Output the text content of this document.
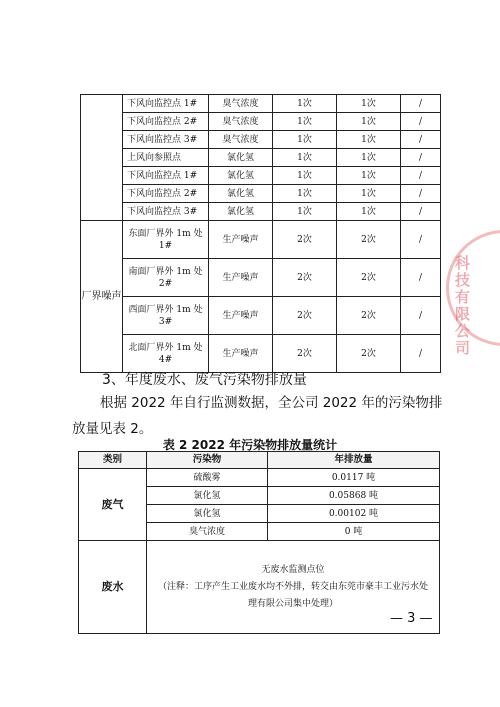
科技有限公司
	下风向监控点 1#	臭气浓度	1次	1次	/
	下风向监控点 2#	臭气浓度	1次	1次	/
	下风向监控点 3#	臭气浓度	1次	1次	/
	上风向参照点	氯化氢	1次	1次	/
	下风向监控点 1#	氯化氢	1次	1次	/
	下风向监控点 2#	氯化氢	1次	1次	/
	下风向监控点 3#	氯化氢	1次	1次	/
厂界噪声	东面厂界外 1m 处 1#	生产噪声	2次	2次	/
	南面厂界外 1m 处 2#	生产噪声	2次	2次	/
	西面厂界外 1m 处 3#	生产噪声	2次	2次	/
	北面厂界外 1m 处 4#	生产噪声	2次	2次	/
3、年度废水、废气污染物排放量
根据 2022 年自行监测数据，全公司 2022 年的污染物排放量见表 2。
表 2 2022 年污染物排放量统计
类别	污染物	年排放量
废气	硫酸雾	0.0117 吨
	氯化氢	0.05868 吨
	氯化氢	0.00102 吨
	臭气浓度	0 吨
废水	无废水监测点位
（注释：工序产生工业废水均不外排，转交由东莞市豪丰工业污水处理有限公司集中处理）	
— 3 —
